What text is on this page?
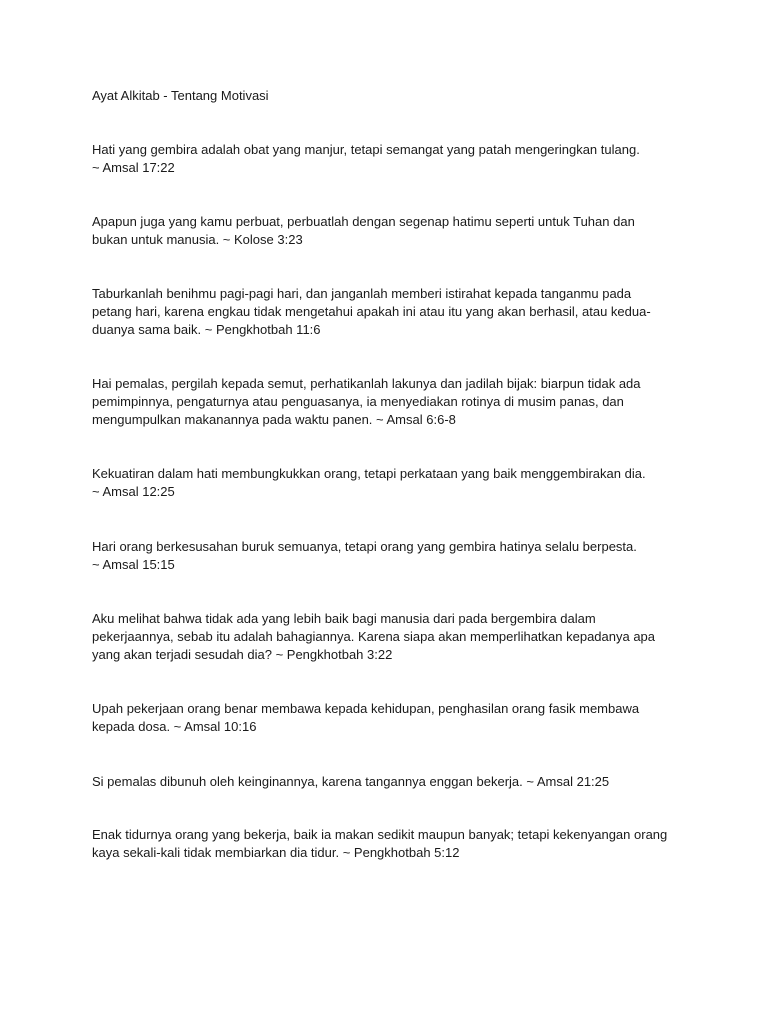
Ayat Alkitab - Tentang Motivasi

Hati yang gembira adalah obat yang manjur, tetapi semangat yang patah mengeringkan tulang.
~ Amsal 17:22

Apapun juga yang kamu perbuat, perbuatlah dengan segenap hatimu seperti untuk Tuhan dan
bukan untuk manusia. ~ Kolose 3:23

Taburkanlah benihmu pagi-pagi hari, dan janganlah memberi istirahat kepada tanganmu pada
petang hari, karena engkau tidak mengetahui apakah ini atau itu yang akan berhasil, atau kedua-
duanya sama baik. ~ Pengkhotbah 11:6

Hai pemalas, pergilah kepada semut, perhatikanlah lakunya dan jadilah bijak: biarpun tidak ada
pemimpinnya, pengaturnya atau penguasanya, ia menyediakan rotinya di musim panas, dan
mengumpulkan makanannya pada waktu panen. ~ Amsal 6:6-8

Kekuatiran dalam hati membungkukkan orang, tetapi perkataan yang baik menggembirakan dia.
~ Amsal 12:25

Hari orang berkesusahan buruk semuanya, tetapi orang yang gembira hatinya selalu berpesta.
~ Amsal 15:15

Aku melihat bahwa tidak ada yang lebih baik bagi manusia dari pada bergembira dalam
pekerjaannya, sebab itu adalah bahagiannya. Karena siapa akan memperlihatkan kepadanya apa
yang akan terjadi sesudah dia? ~ Pengkhotbah 3:22

Upah pekerjaan orang benar membawa kepada kehidupan, penghasilan orang fasik membawa
kepada dosa. ~ Amsal 10:16

Si pemalas dibunuh oleh keinginannya, karena tangannya enggan bekerja. ~ Amsal 21:25

Enak tidurnya orang yang bekerja, baik ia makan sedikit maupun banyak; tetapi kekenyangan orang
kaya sekali-kali tidak membiarkan dia tidur. ~ Pengkhotbah 5:12
